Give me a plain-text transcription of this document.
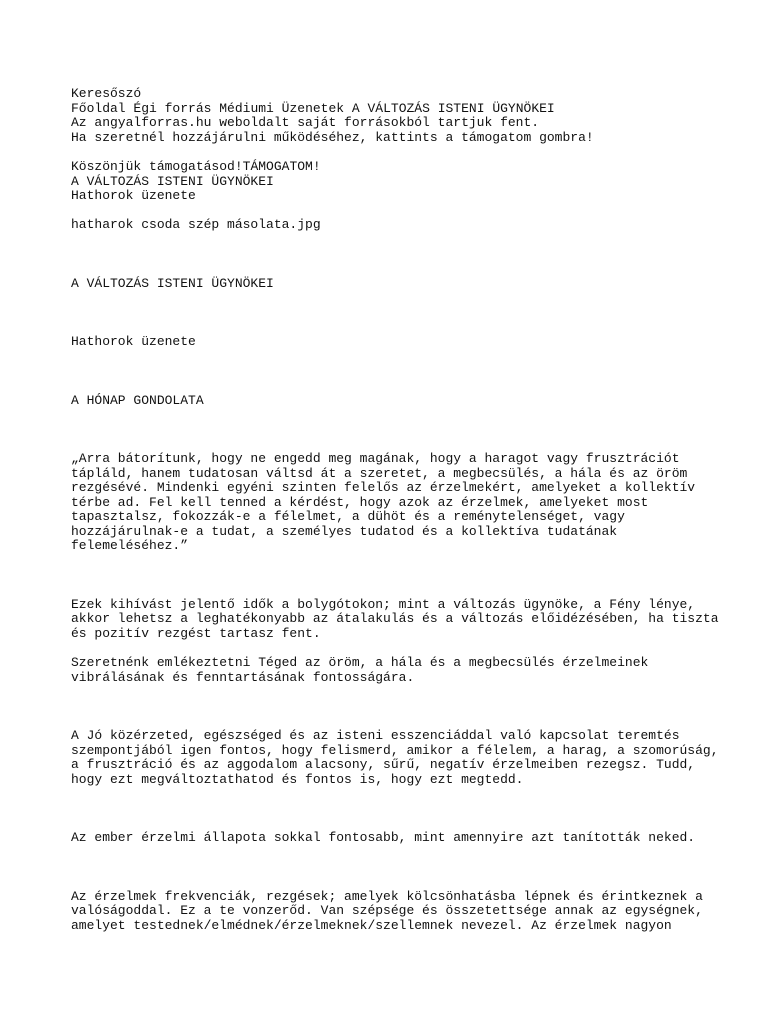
Keresőszó
Főoldal Égi forrás Médiumi Üzenetek A VÁLTOZÁS ISTENI ÜGYNÖKEI
Az angyalforras.hu weboldalt saját forrásokból tartjuk fent.
Ha szeretnél hozzájárulni működéséhez, kattints a támogatom gombra!
Köszönjük támogatásod!TÁMOGATOM!
A VÁLTOZÁS ISTENI ÜGYNÖKEI
Hathorok üzenete
hatharok csoda szép másolata.jpg
A VÁLTOZÁS ISTENI ÜGYNÖKEI
Hathorok üzenete
A HÓNAP GONDOLATA
„Arra bátorítunk, hogy ne engedd meg magának, hogy a haragot vagy frusztrációt
tápláld, hanem tudatosan váltsd át a szeretet, a megbecsülés, a hála és az öröm
rezgésévé. Mindenki egyéni szinten felelős az érzelmekért, amelyeket a kollektív
térbe ad. Fel kell tenned a kérdést, hogy azok az érzelmek, amelyeket most
tapasztalsz, fokozzák-e a félelmet, a dühöt és a reménytelenséget, vagy
hozzájárulnak-e a tudat, a személyes tudatod és a kollektíva tudatának
felemeléséhez.”
Ezek kihívást jelentő idők a bolygótokon; mint a változás ügynöke, a Fény lénye,
akkor lehetsz a leghatékonyabb az átalakulás és a változás előidézésében, ha tiszta
és pozitív rezgést tartasz fent.
Szeretnénk emlékeztetni Téged az öröm, a hála és a megbecsülés érzelmeinek
vibrálásának és fenntartásának fontosságára.
A Jó közérzeted, egészséged és az isteni esszenciáddal való kapcsolat teremtés
szempontjából igen fontos, hogy felismerd, amikor a félelem, a harag, a szomorúság,
a frusztráció és az aggodalom alacsony, sűrű, negatív érzelmeiben rezegsz. Tudd,
hogy ezt megváltoztathatod és fontos is, hogy ezt megtedd.
Az ember érzelmi állapota sokkal fontosabb, mint amennyire azt tanították neked.
Az érzelmek frekvenciák, rezgések; amelyek kölcsönhatásba lépnek és érintkeznek a
valóságoddal. Ez a te vonzerőd. Van szépsége és összetettsége annak az egységnek,
amelyet testednek/elmédnek/érzelmeknek/szellemnek nevezel. Az érzelmek nagyon
